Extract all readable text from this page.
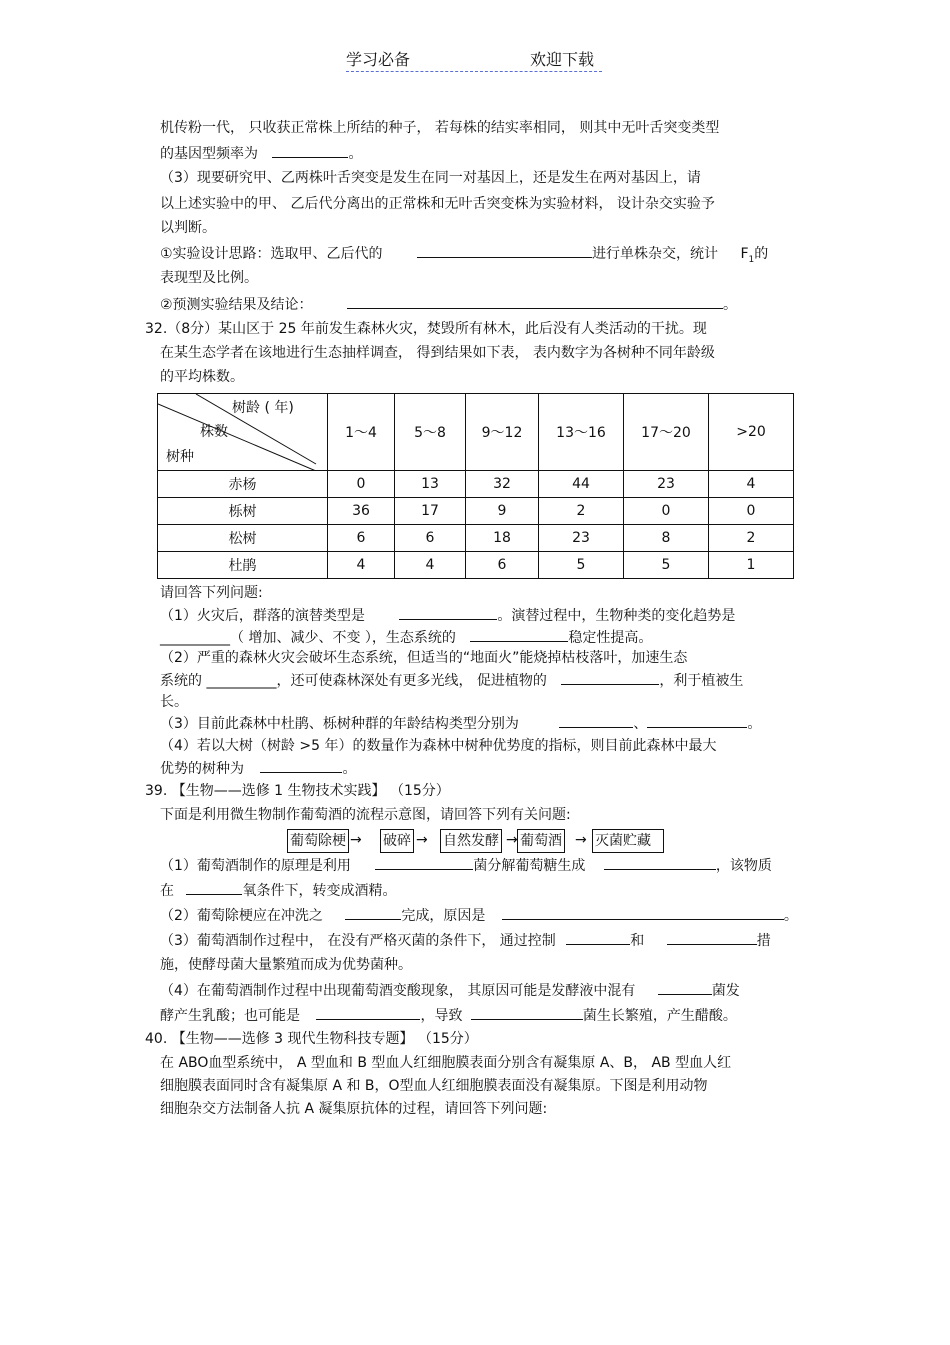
学习必备	欢迎下载
机传粉一代， 只收获正常株上所结的种子， 若每株的结实率相同， 则其中无叶舌突变类型
的基因型频率为	。
（3）现要研究甲、乙两株叶舌突变是发生在同一对基因上，还是发生在两对基因上，请
以上述实验中的甲、 乙后代分离出的正常株和无叶舌突变株为实验材料， 设计杂交实验予
以判断。
①实验设计思路：选取甲、乙后代的	进行单株杂交，统计 $F_1$的
表现型及比例。
②预测实验结果及结论：	。
32.（8分）某山区于 25 年前发生森林火灾，焚毁所有林木，此后没有人类活动的干扰。现
在某生态学者在该地进行生态抽样调查， 得到结果如下表， 表内数字为各树种不同年龄级
的平均株数。
树龄 ( 年)
株数
树种	1～4	5～8	9～12	13～16	17～20	>20
赤杨	0	13	32	44	23	4
栎树	36	17	9	2	0	0
松树	6	6	18	23	8	2
杜鹃	4	4	6	5	5	1
请回答下列问题:
（1）火灾后，群落的演替类型是	。演替过程中，生物种类的变化趋势是
__________（ 增加、减少、不变 ），生态系统的	稳定性提高。
（2）严重的森林火灾会破坏生态系统，但适当的“地面火”能烧掉枯枝落叶，加速生态
系统的 __________，还可使森林深处有更多光线， 促进植物的	，利于植被生
长。
（3）目前此森林中杜鹃、栎树种群的年龄结构类型分别为	、	。
（4）若以大树（树龄 >5 年）的数量作为森林中树种优势度的指标，则目前此森林中最大
优势的树种为	。
39. 【生物——选修 1 生物技术实践】 （15分）
下面是利用微生物制作葡萄酒的流程示意图，请回答下列有关问题:
葡萄除梗 → 破碎 → 自然发酵 → 葡萄酒 → 灭菌贮藏
（1）葡萄酒制作的原理是利用	菌分解葡萄糖生成	，该物质
在	氧条件下，转变成酒精。
（2）葡萄除梗应在冲洗之	完成，原因是	。
（3）葡萄酒制作过程中， 在没有严格灭菌的条件下， 通过控制	和	措
施，使酵母菌大量繁殖而成为优势菌种。
（4）在葡萄酒制作过程中出现葡萄酒变酸现象， 其原因可能是发酵液中混有	菌发
酵产生乳酸；也可能是	，导致	菌生长繁殖，产生醋酸。
40. 【生物——选修 3 现代生物科技专题】 （15分）
在 ABO血型系统中， A 型血和 B 型血人红细胞膜表面分别含有凝集原 A、B， AB 型血人红
细胞膜表面同时含有凝集原 A 和 B，O型血人红细胞膜表面没有凝集原。下图是利用动物
细胞杂交方法制备人抗 A 凝集原抗体的过程，请回答下列问题:
